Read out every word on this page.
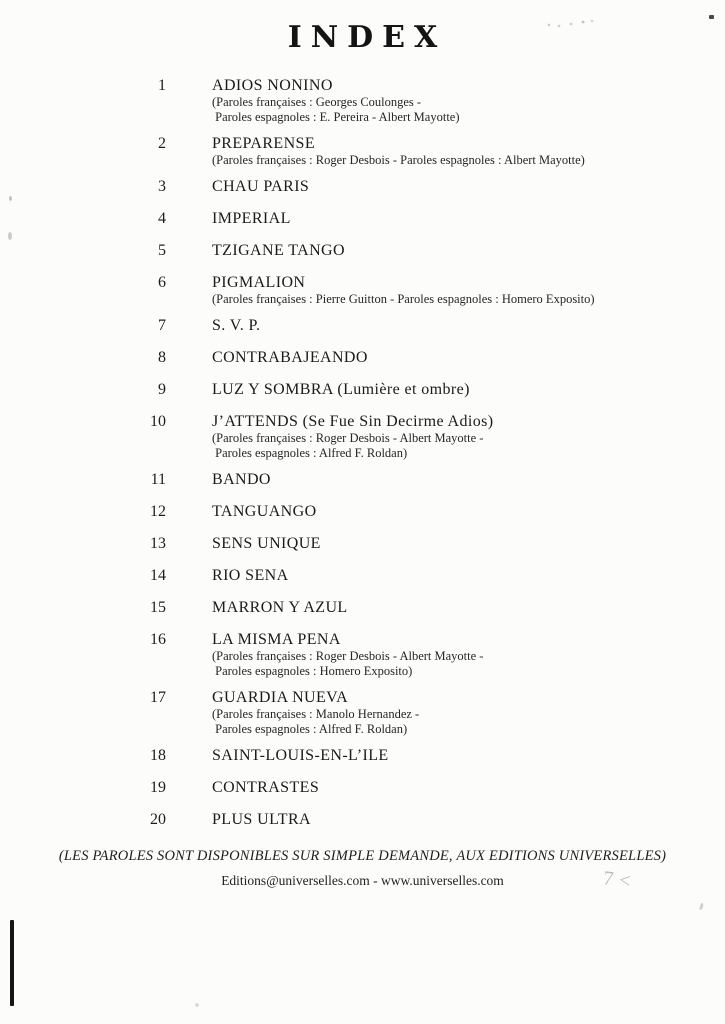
INDEX
1	ADIOS NONINO
(Paroles françaises : Georges Coulonges -
Paroles espagnoles : E. Pereira - Albert Mayotte)
2	PREPARENSE
(Paroles françaises : Roger Desbois - Paroles espagnoles : Albert Mayotte)
3	CHAU PARIS
4	IMPERIAL
5	TZIGANE TANGO
6	PIGMALION
(Paroles françaises : Pierre Guitton - Paroles espagnoles : Homero Exposito)
7	S. V. P.
8	CONTRABAJEANDO
9	LUZ Y SOMBRA (Lumière et ombre)
10	J’ATTENDS (Se Fue Sin Decirme Adios)
(Paroles françaises : Roger Desbois - Albert Mayotte -
Paroles espagnoles : Alfred F. Roldan)
11	BANDO
12	TANGUANGO
13	SENS UNIQUE
14	RIO SENA
15	MARRON Y AZUL
16	LA MISMA PENA
(Paroles françaises : Roger Desbois - Albert Mayotte -
Paroles espagnoles : Homero Exposito)
17	GUARDIA NUEVA
(Paroles françaises : Manolo Hernandez -
Paroles espagnoles : Alfred F. Roldan)
18	SAINT-LOUIS-EN-L’ILE
19	CONTRASTES
20	PLUS ULTRA
(LES PAROLES SONT DISPONIBLES SUR SIMPLE DEMANDE, AUX EDITIONS UNIVERSELLES)
Editions@universelles.com - www.universelles.com	7<
